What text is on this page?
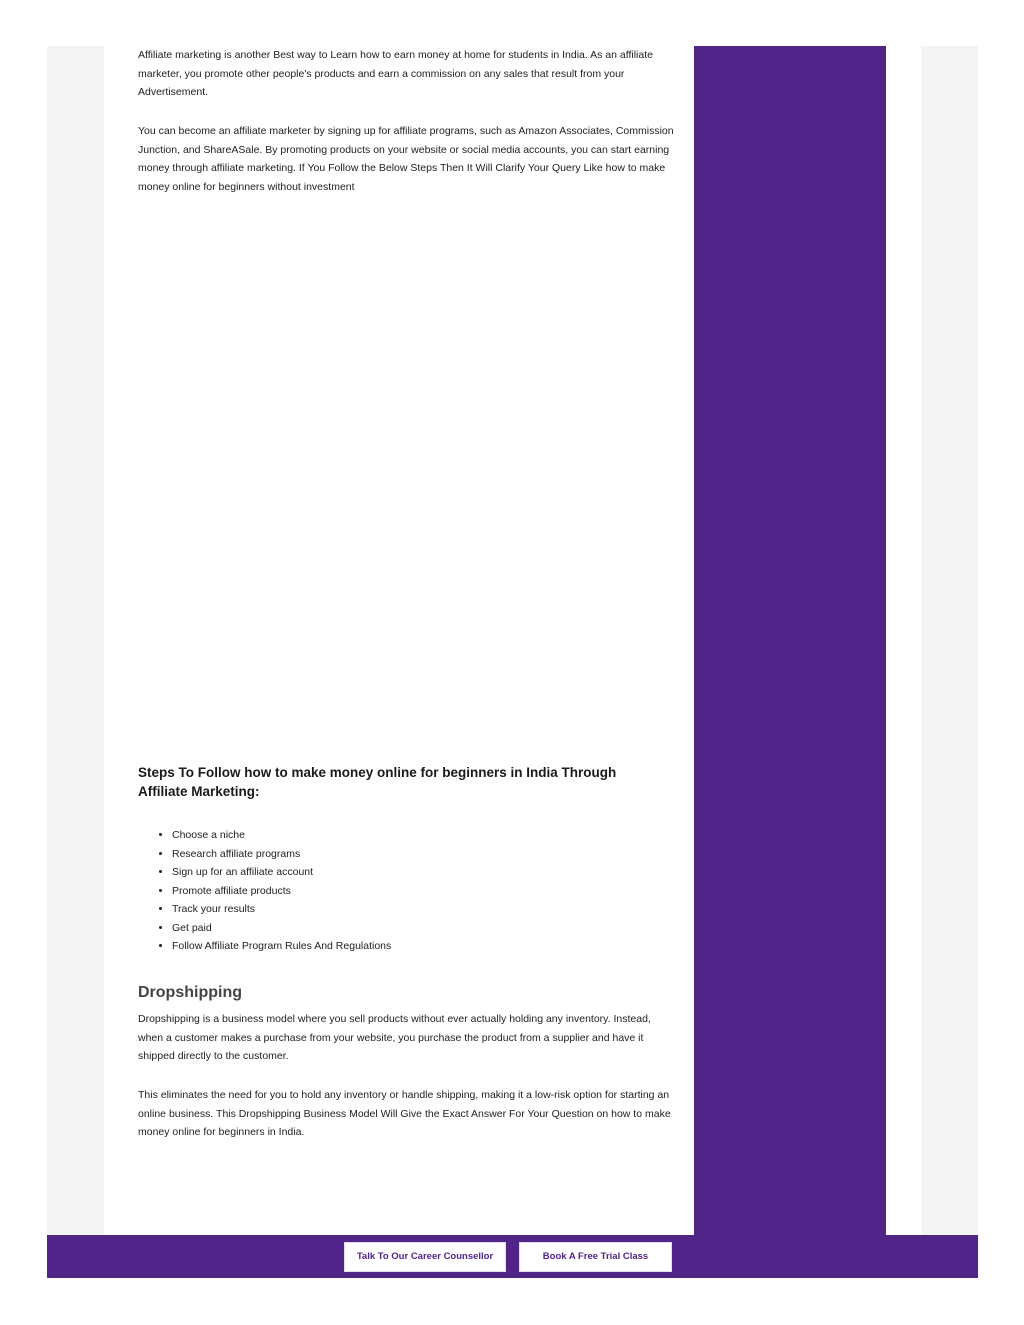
Affiliate marketing is another Best way to Learn how to earn money at home for students in India. As an affiliate marketer, you promote other people's products and earn a commission on any sales that result from your Advertisement.

You can become an affiliate marketer by signing up for affiliate programs, such as Amazon Associates, Commission Junction, and ShareASale. By promoting products on your website or social media accounts, you can start earning money through affiliate marketing. If You Follow the Below Steps Then It Will Clarify Your Query Like how to make money online for beginners without investment

Steps To Follow how to make money online for beginners in India Through Affiliate Marketing:
• Choose a niche
• Research affiliate programs
• Sign up for an affiliate account
• Promote affiliate products
• Track your results
• Get paid
• Follow Affiliate Program Rules And Regulations
Dropshipping

Dropshipping is a business model where you sell products without ever actually holding any inventory. Instead, when a customer makes a purchase from your website, you purchase the product from a supplier and have it shipped directly to the customer.

This eliminates the need for you to hold any inventory or handle shipping, making it a low-risk option for starting an online business. This Dropshipping Business Model Will Give the Exact Answer For Your Question on how to make money online for beginners in India.

Talk To Our Career Counsellor	Book A Free Trial Class
